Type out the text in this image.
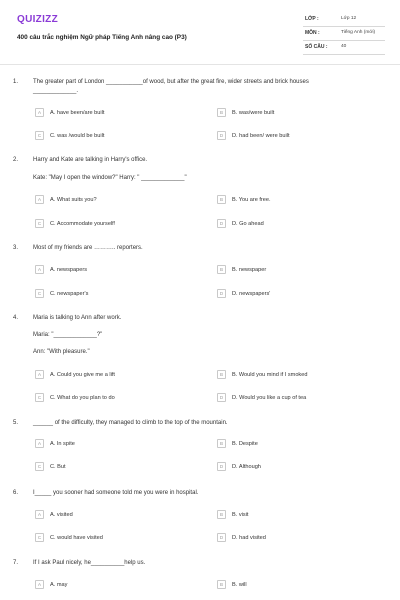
QUIZIZZ
400 câu trắc nghiệm Ngữ pháp Tiếng Anh nâng cao (P3)
LỚP :	Lớp 12
MÔN :	Tiếng Anh (mới)
SỐ CÂU :	40
1. The greater part of London ___________of wood, but after the great fire, wider streets and brick houses
_____________.
A	A. have been/are built	B	B. was/were built
C	C. was /would be built	D	D. had been/ were built
2. Harry and Kate are talking in Harry's office.
Kate: "May I open the window?" Harry: " _____________"
A	A. What suits you?	B	B. You are free.
C	C. Accommodate yourself!	D	D. Go ahead
3. Most of my friends are ……….. reporters.
A	A. newspapers	B	B. newspaper
C	C. newspaper's	D	D. newspapers'
4. Maria is talking to Ann after work.
Maria: "_____________?"
Ann: "With pleasure."
A	A. Could you give me a lift	B	B. Would you mind if I smoked
C	C. What do you plan to do	D	D. Would you like a cup of tea
5. ______ of the difficulty, they managed to climb to the top of the mountain.
A	A. In spite	B	B. Despite
C	C. But	D	D. Although
6. I_____ you sooner had someone told me you were in hospital.
A	A. visited	B	B. visit
C	C. would have visited	D	D. had visited
7. If I ask Paul nicely, he__________help us.
A	A. may	B	B. will
